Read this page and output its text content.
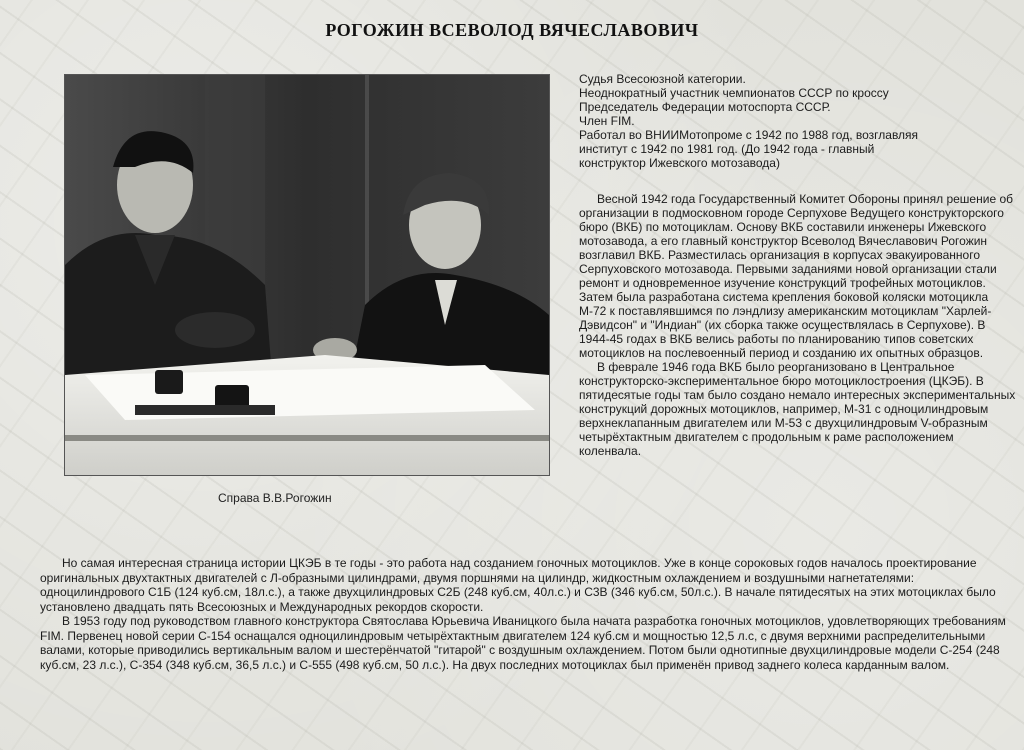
РОГОЖИН ВСЕВОЛОД ВЯЧЕСЛАВОВИЧ

Справа В.В.Рогожин

Судья Всесоюзной категории.
Неоднократный участник чемпионатов СССР по кроссу
Председатель Федерации мотоспорта СССР.
Член FIM.
Работал во ВНИИМотопроме с 1942 по 1988 год, возглавляя
институт с 1942 по 1981 год. (До 1942 года - главный
конструктор Ижевского мотозавода)

Весной 1942 года Государственный Комитет Обороны принял решение об организации в подмосковном городе Серпухове Ведущего конструкторского бюро (ВКБ) по мотоциклам. Основу ВКБ составили инженеры Ижевского мотозавода, а его главный конструктор Всеволод Вячеславович Рогожин возглавил ВКБ. Разместилась организация в корпусах эвакуированного Серпуховского мотозавода. Первыми заданиями новой организации стали ремонт и одновременное изучение конструкций трофейных мотоциклов. Затем была разработана система крепления боковой коляски мотоцикла М-72 к поставлявшимся по лэндлизу американским мотоциклам "Харлей-Дэвидсон" и "Индиан" (их сборка также осуществлялась в Серпухове). В 1944-45 годах в ВКБ велись работы по планированию типов советских мотоциклов на послевоенный период и созданию их опытных образцов.

В феврале 1946 года ВКБ было реорганизовано в Центральное конструкторско-экспериментальное бюро мотоциклостроения (ЦКЭБ). В пятидесятые годы там было создано немало интересных экспериментальных конструкций дорожных мотоциклов, например, М-31 с одноцилиндровым верхнеклапанным двигателем или М-53 с двухцилиндровым V-образным четырёхтактным двигателем с продольным к раме расположением коленвала.

Но самая интересная страница истории ЦКЭБ в те годы - это работа над созданием гоночных мотоциклов. Уже в конце сороковых годов началось проектирование оригинальных двухтактных двигателей с Л-образными цилиндрами, двумя поршнями на цилиндр, жидкостным охлаждением и воздушными нагнетателями: одноцилиндрового С1Б (124 куб.см, 18л.с.), а также двухцилиндровых С2Б (248 куб.см, 40л.с.) и С3В (346 куб.см, 50л.с.). В начале пятидесятых на этих мотоциклах было установлено двадцать пять Всесоюзных и Международных рекордов скорости.

В 1953 году под руководством главного конструктора Святослава Юрьевича Иваницкого была начата разработка гоночных мотоциклов, удовлетворяющих требованиям FIM. Первенец новой серии С-154 оснащался одноцилиндровым четырёхтактным двигателем 124 куб.см и мощностью 12,5 л.с, с двумя верхними распределительными валами, которые приводились вертикальным валом и шестерёнчатой "гитарой" с воздушным охлаждением. Потом были однотипные двухцилиндровые модели С-254 (248 куб.см, 23 л.с.), С-354 (348 куб.см, 36,5 л.с.) и С-555 (498 куб.см, 50 л.с.). На двух последних мотоциклах был применён привод заднего колеса карданным валом.
